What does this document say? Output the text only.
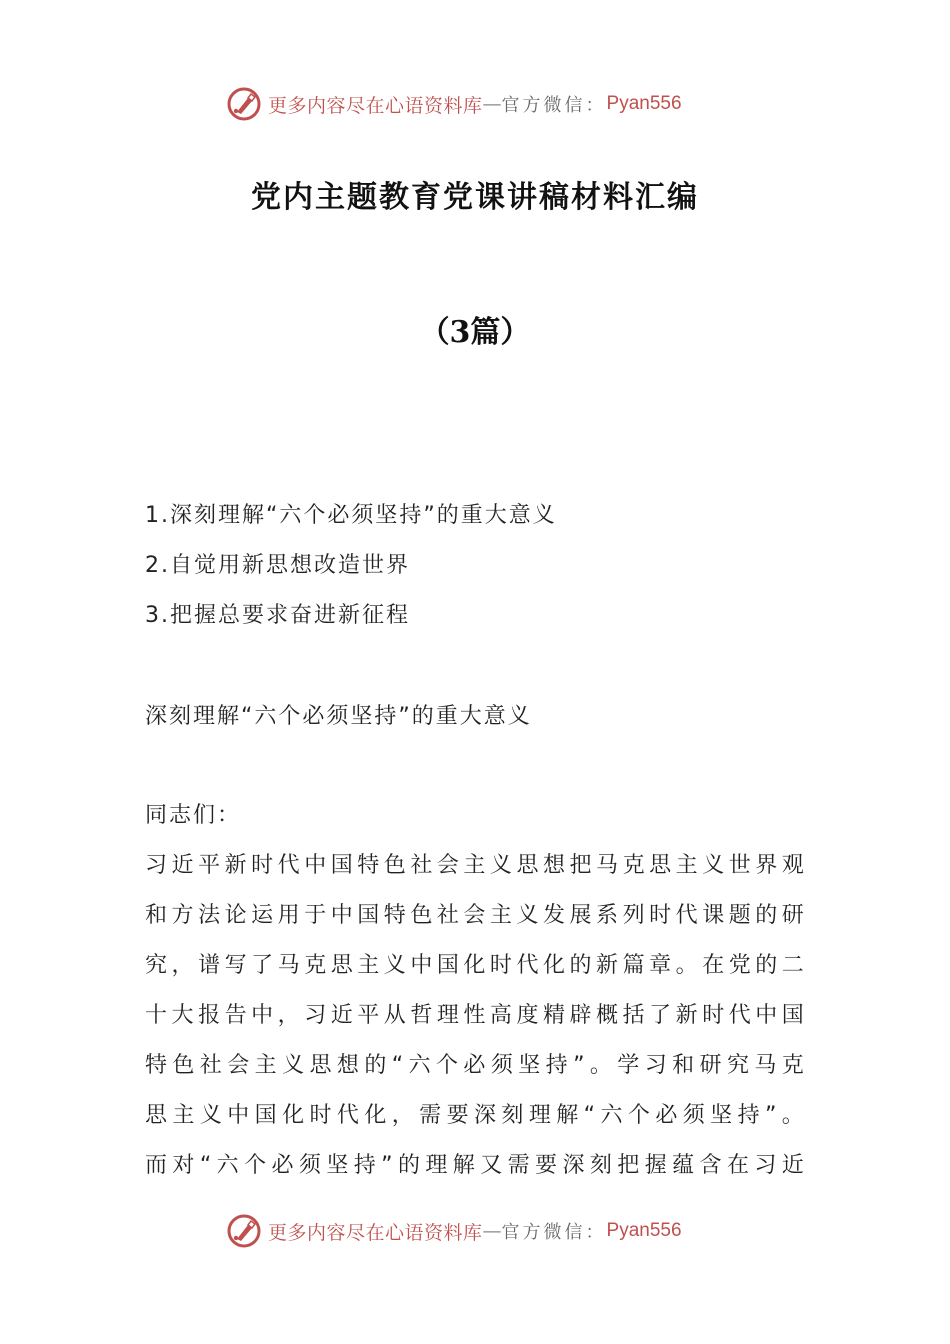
更多内容尽在心语资料库 — 官方微信： Pyan556
党内主题教育党课讲稿材料汇编
（3篇）
1.深刻理解“六个必须坚持”的重大意义
2.自觉用新思想改造世界
3.把握总要求奋进新征程
深刻理解“六个必须坚持”的重大意义

同志们：

习近平新时代中国特色社会主义思想把马克思主义世界观
和方法论运用于中国特色社会主义发展系列时代课题的研
究，谱写了马克思主义中国化时代化的新篇章。在党的二
十大报告中，习近平从哲理性高度精辟概括了新时代中国
特色社会主义思想的“六个必须坚持”。学习和研究马克
思主义中国化时代化，需要深刻理解“六个必须坚持”。
而对“六个必须坚持”的理解又需要深刻把握蕴含在习近
更多内容尽在心语资料库 — 官方微信： Pyan556
